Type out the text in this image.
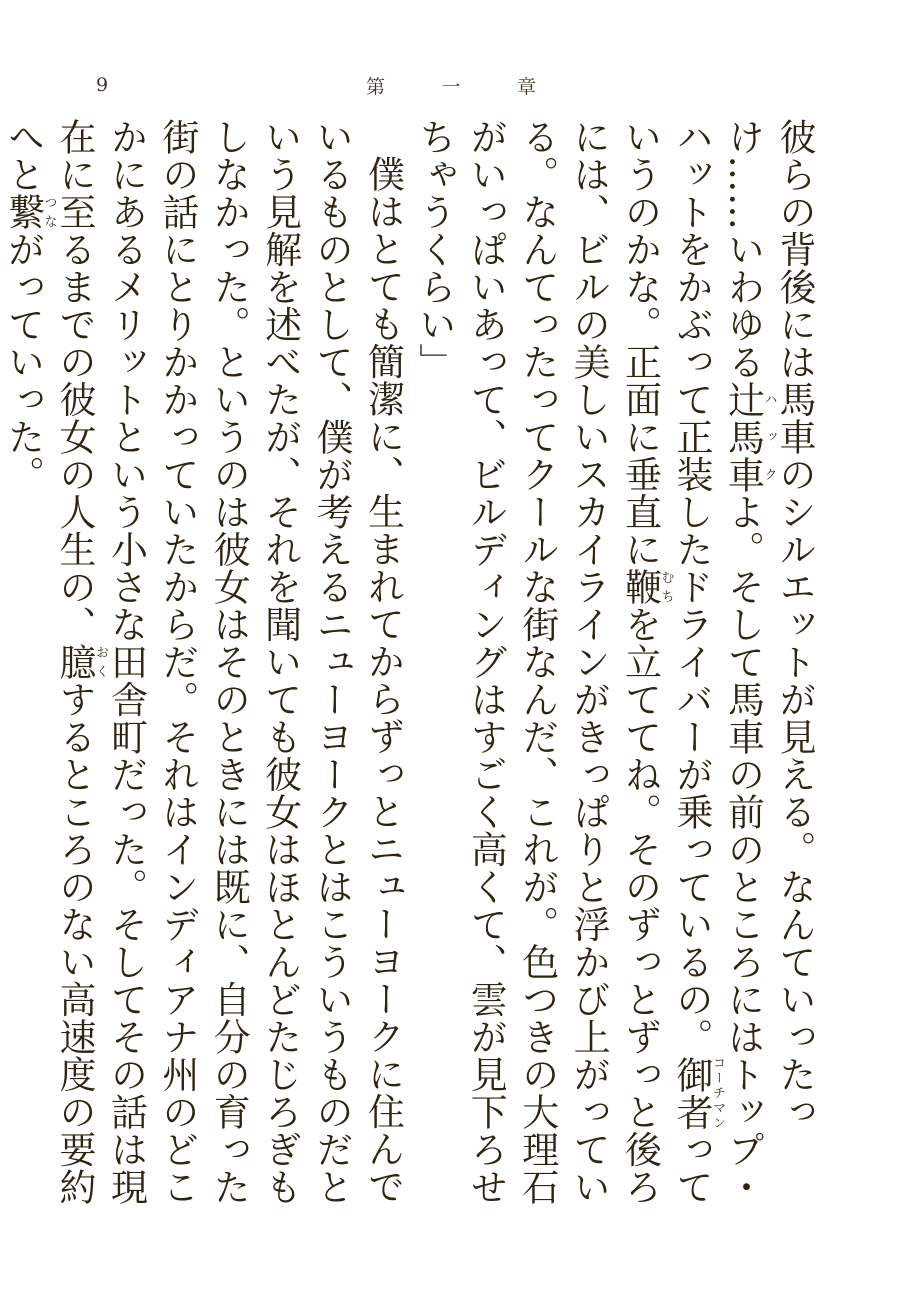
9	第	一	章

彼らの背後には馬車のシルエットが見える。なんていったっけ……いわゆる辻馬車ハックよ。そして馬車の前のところにはトップ・ハットをかぶって正装したドライバーが乗っているの。御者コーチマンっていうのかな。正面に垂直に鞭むちを立ててね。そのずっとずっと後ろには、ビルの美しいスカイラインがきっぱりと浮かび上がっている。なんてったってクールな街なんだ、これが。色つきの大理石がいっぱいあって、ビルディングはすごく高くて、雲が見下ろせちゃうくらい」

僕はとても簡潔に、生まれてからずっとニューヨークに住んでいるものとして、僕が考えるニューヨークとはこういうものだという見解を述べたが、それを聞いても彼女はほとんどたじろぎもしなかった。というのは彼女はそのときには既に、自分の育った街の話にとりかかっていたからだ。それはインディアナ州のどこかにあるメリットという小さな田舎町だった。そしてその話は現在に至るまでの彼女の人生の、臆おくするところのない高速度の要約へと繋つながっていった。
